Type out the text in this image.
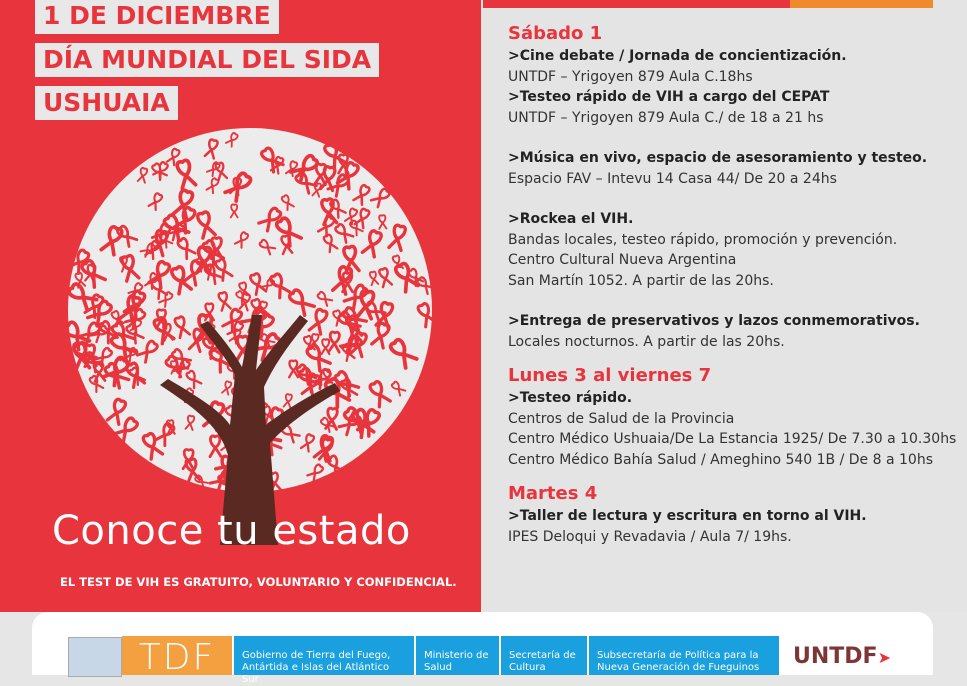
1 DE DICIEMBRE
DÍA MUNDIAL DEL SIDA
USHUAIA
Conoce tu estado
EL TEST DE VIH ES GRATUITO, VOLUNTARIO Y CONFIDENCIAL.
Sábado 1
>Cine debate / Jornada de concientización.
UNTDF – Yrigoyen 879 Aula C.18hs
>Testeo rápido de VIH a cargo del CEPAT
UNTDF – Yrigoyen 879 Aula C./ de 18 a 21 hs
>Música en vivo, espacio de asesoramiento y testeo.
Espacio FAV – Intevu 14 Casa 44/ De 20 a 24hs
>Rockea el VIH.
Bandas locales, testeo rápido, promoción y prevención.
Centro Cultural Nueva Argentina
San Martín 1052. A partir de las 20hs.
>Entrega de preservativos y lazos conmemorativos.
Locales nocturnos. A partir de las 20hs.
Lunes 3 al viernes 7
>Testeo rápido.
Centros de Salud de la Provincia
Centro Médico Ushuaia/De La Estancia 1925/ De 7.30 a 10.30hs
Centro Médico Bahía Salud / Ameghino 540 1B / De 8 a 10hs
Martes 4
>Taller de lectura y escritura en torno al VIH.
IPES Deloqui y Revadavia / Aula 7/ 19hs.
TDF	Gobierno de Tierra del Fuego, Antártida e Islas del Atlántico Sur
Ministerio de Salud
Secretaría de Cultura
Subsecretaría de Política para la Nueva Generación de Fueguinos	UNTDF➤
